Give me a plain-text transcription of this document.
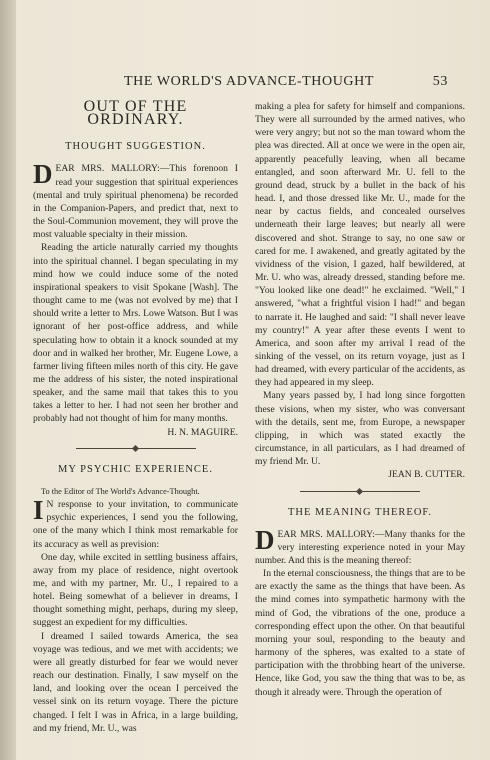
THE WORLD'S ADVANCE-THOUGHT	53
OUT OF THE ORDINARY.
THOUGHT SUGGESTION.

DEAR MRS. MALLORY:—This forenoon I read your suggestion that spiritual experiences (mental and truly spiritual phenomena) be recorded in the Companion-Papers, and predict that, next to the Soul-Communion movement, they will prove the most valuable specialty in their mission.

Reading the article naturally carried my thoughts into the spiritual channel. I began speculating in my mind how we could induce some of the noted inspirational speakers to visit Spokane [Wash]. The thought came to me (was not evolved by me) that I should write a letter to Mrs. Lowe Watson. But I was ignorant of her post-office address, and while speculating how to obtain it a knock sounded at my door and in walked her brother, Mr. Eugene Lowe, a farmer living fifteen miles north of this city. He gave me the address of his sister, the noted inspirational speaker, and the same mail that takes this to you takes a letter to her. I had not seen her brother and probably had not thought of him for many months.

H. N. MAGUIRE.
MY PSYCHIC EXPERIENCE.

To the Editor of The World's Advance-Thought.

I N response to your invitation, to communicate psychic experiences, I send you the following, one of the many which I think most remarkable for its accuracy as well as prevision:

One day, while excited in settling business affairs, away from my place of residence, night overtook me, and with my partner, Mr. U., I repaired to a hotel. Being somewhat of a believer in dreams, I thought something might, perhaps, during my sleep, suggest an expedient for my difficulties.

I dreamed I sailed towards America, the sea voyage was tedious, and we met with accidents; we were all greatly disturbed for fear we would never reach our destination. Finally, I saw myself on the land, and looking over the ocean I perceived the vessel sink on its return voyage. There the picture changed. I felt I was in Africa, in a large building, and my friend, Mr. U., was

making a plea for safety for himself and companions. They were all surrounded by the armed natives, who were very angry; but not so the man toward whom the plea was directed. All at once we were in the open air, apparently peacefully leaving, when all became entangled, and soon afterward Mr. U. fell to the ground dead, struck by a bullet in the back of his head. I, and those dressed like Mr. U., made for the near by cactus fields, and concealed ourselves underneath their large leaves; but nearly all were discovered and shot. Strange to say, no one saw or cared for me. I awakened, and greatly agitated by the vividness of the vision, I gazed, half bewildered, at Mr. U. who was, already dressed, standing before me. "You looked like one dead!" he exclaimed. "Well," I answered, "what a frightful vision I had!" and began to narrate it. He laughed and said: "I shall never leave my country!" A year after these events I went to America, and soon after my arrival I read of the sinking of the vessel, on its return voyage, just as I had dreamed, with every particular of the accidents, as they had appeared in my sleep.

Many years passed by, I had long since forgotten these visions, when my sister, who was conversant with the details, sent me, from Europe, a newspaper clipping, in which was stated exactly the circumstance, in all particulars, as I had dreamed of my friend Mr. U.

JEAN B. CUTTER.
THE MEANING THEREOF.

DEAR MRS. MALLORY:—Many thanks for the very interesting experience noted in your May number. And this is the meaning thereof:

In the eternal consciousness, the things that are to be are exactly the same as the things that have been. As the mind comes into sympathetic harmony with the mind of God, the vibrations of the one, produce a corresponding effect upon the other. On that beautiful morning your soul, responding to the beauty and harmony of the spheres, was exalted to a state of participation with the throbbing heart of the universe. Hence, like God, you saw the thing that was to be, as though it already were. Through the operation of
